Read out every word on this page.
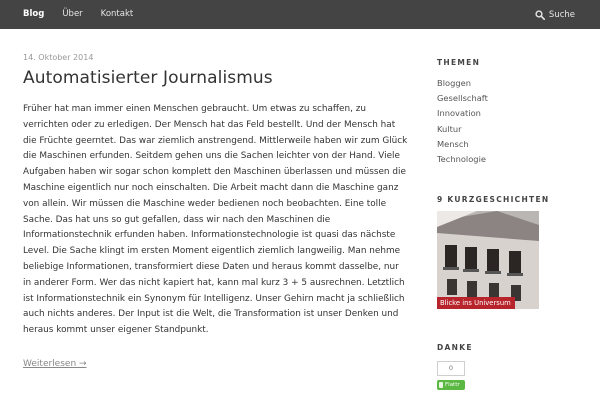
Blog	Über	Kontakt	Suche
14. Oktober 2014
Automatisierter Journalismus

Früher hat man immer einen Menschen gebraucht. Um etwas zu schaffen, zu verrichten oder zu erledigen. Der Mensch hat das Feld bestellt. Und der Mensch hat die Früchte geerntet. Das war ziemlich anstrengend. Mittlerweile haben wir zum Glück die Maschinen erfunden. Seitdem gehen uns die Sachen leichter von der Hand. Viele Aufgaben haben wir sogar schon komplett den Maschinen überlassen und müssen die Maschine eigentlich nur noch einschalten. Die Arbeit macht dann die Maschine ganz von allein. Wir müssen die Maschine weder bedienen noch beobachten. Eine tolle Sache. Das hat uns so gut gefallen, dass wir nach den Maschinen die Informationstechnik erfunden haben. Informationstechnologie ist quasi das nächste Level. Die Sache klingt im ersten Moment eigentlich ziemlich langweilig. Man nehme beliebige Informationen, transformiert diese Daten und heraus kommt dasselbe, nur in anderer Form. Wer das nicht kapiert hat, kann mal kurz 3 + 5 ausrechnen. Letztlich ist Informationstechnik ein Synonym für Intelligenz. Unser Gehirn macht ja schließlich auch nichts anderes. Der Input ist die Welt, die Transformation ist unser Denken und heraus kommt unser eigener Standpunkt.

Weiterlesen →
THEMEN
Bloggen
Gesellschaft
Innovation
Kultur
Mensch
Technologie
9 KURZGESCHICHTEN
Blicke ins Universum
DANKE
0
Flattr
